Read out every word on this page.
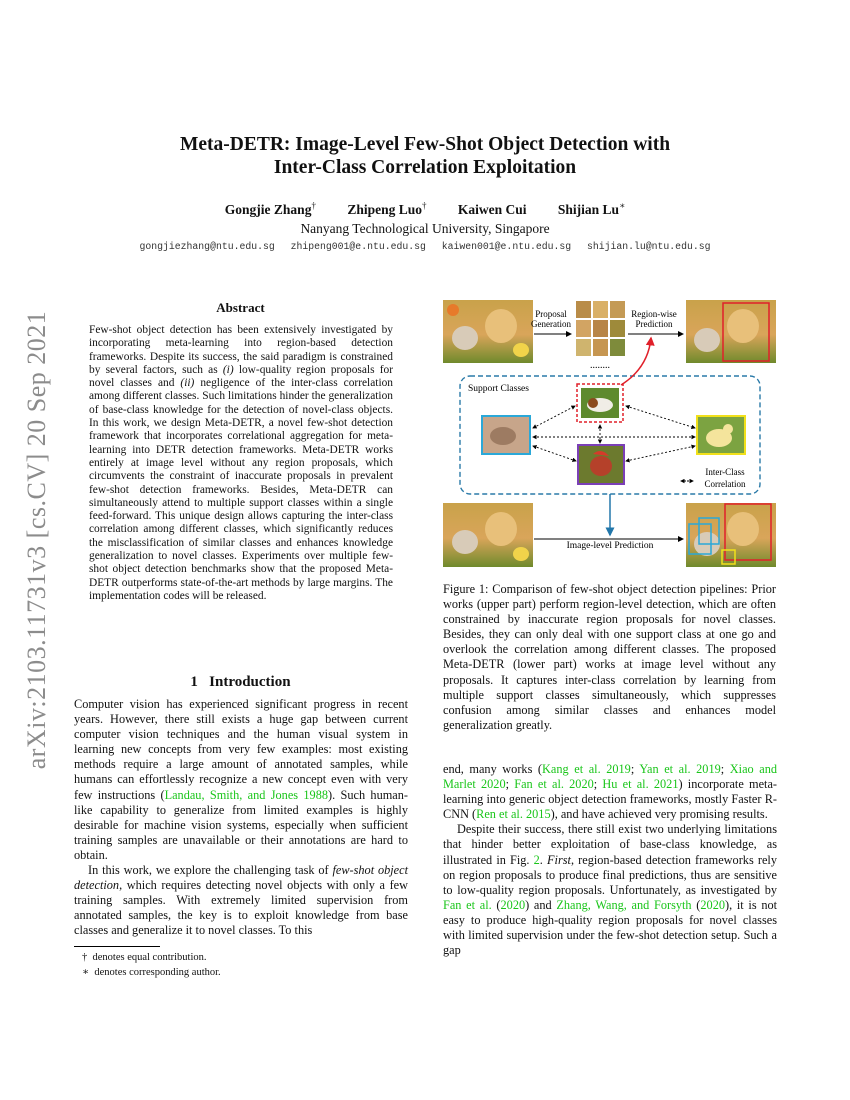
arXiv:2103.11731v3 [cs.CV] 20 Sep 2021
Meta-DETR: Image-Level Few-Shot Object Detection with
Inter-Class Correlation Exploitation
Gongjie Zhang† Zhipeng Luo† Kaiwen Cui Shijian Lu∗
Nanyang Technological University, Singapore
gongjiezhang@ntu.edu.sg zhipeng001@e.ntu.edu.sg kaiwen001@e.ntu.edu.sg shijian.lu@ntu.edu.sg
Abstract
Few-shot object detection has been extensively investigated by incorporating meta-learning into region-based detection frameworks. Despite its success, the said paradigm is constrained by several factors, such as (i) low-quality region proposals for novel classes and (ii) negligence of the inter-class correlation among different classes. Such limitations hinder the generalization of base-class knowledge for the detection of novel-class objects. In this work, we design Meta-DETR, a novel few-shot detection framework that incorporates correlational aggregation for meta-learning into DETR detection frameworks. Meta-DETR works entirely at image level without any region proposals, which circumvents the constraint of inaccurate proposals in prevalent few-shot detection frameworks. Besides, Meta-DETR can simultaneously attend to multiple support classes within a single feed-forward. This unique design allows capturing the inter-class correlation among different classes, which significantly reduces the misclassification of similar classes and enhances knowledge generalization to novel classes. Experiments over multiple few-shot object detection benchmarks show that the proposed Meta-DETR outperforms state-of-the-art methods by large margins. The implementation codes will be released.
1 Introduction

Computer vision has experienced significant progress in recent years. However, there still exists a huge gap between current computer vision techniques and the human visual system in learning new concepts from very few examples: most existing methods require a large amount of annotated samples, while humans can effortlessly recognize a new concept even with very few instructions (Landau, Smith, and Jones 1988). Such human-like capability to generalize from limited examples is highly desirable for machine vision systems, especially when sufficient training samples are unavailable or their annotations are hard to obtain.

In this work, we explore the challenging task of few-shot object detection, which requires detecting novel objects with only a few training samples. With extremely limited supervision from annotated samples, the key is to exploit knowledge from base classes and generalize it to novel classes. To this

† denotes equal contribution.
∗ denotes corresponding author.
Proposal
Generation
........
Region-wise
Prediction
Support Classes
Inter-Class
Correlation
Image-level Prediction
Figure 1: Comparison of few-shot object detection pipelines: Prior works (upper part) perform region-level detection, which are often constrained by inaccurate region proposals for novel classes. Besides, they can only deal with one support class at one go and overlook the correlation among different classes. The proposed Meta-DETR (lower part) works at image level without any proposals. It captures inter-class correlation by learning from multiple support classes simultaneously, which suppresses confusion among similar classes and enhances model generalization greatly.

end, many works (Kang et al. 2019; Yan et al. 2019; Xiao and Marlet 2020; Fan et al. 2020; Hu et al. 2021) incorporate meta-learning into generic object detection frameworks, mostly Faster R-CNN (Ren et al. 2015), and have achieved very promising results.

Despite their success, there still exist two underlying limitations that hinder better exploitation of base-class knowledge, as illustrated in Fig. 2. First, region-based detection frameworks rely on region proposals to produce final predictions, thus are sensitive to low-quality region proposals. Unfortunately, as investigated by Fan et al. (2020) and Zhang, Wang, and Forsyth (2020), it is not easy to produce high-quality region proposals for novel classes with limited supervision under the few-shot detection setup. Such a gap
